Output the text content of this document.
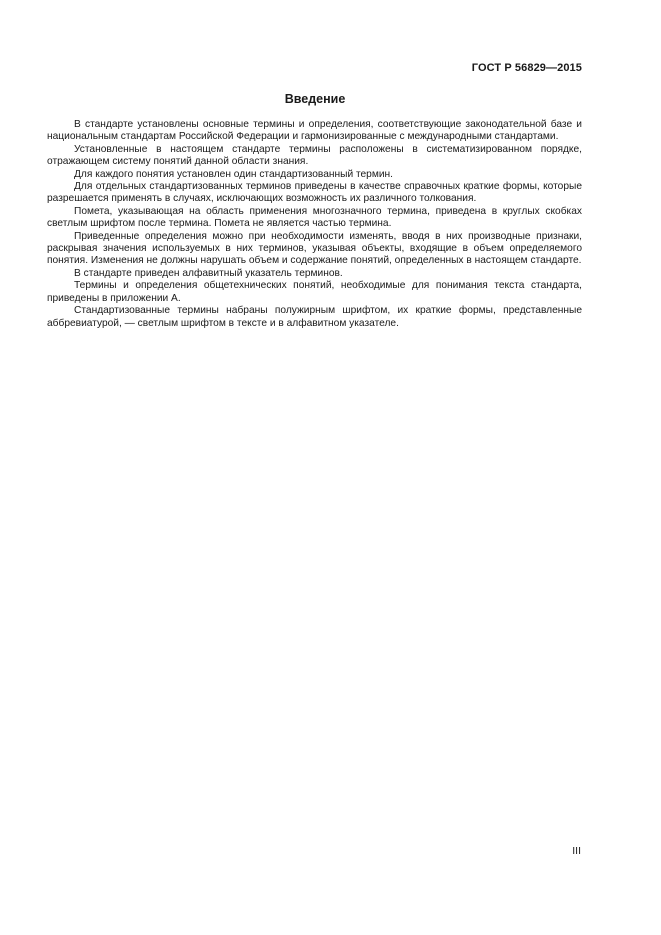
ГОСТ Р 56829—2015
Введение

В стандарте установлены основные термины и определения, соответствующие законодательной базе и национальным стандартам Российской Федерации и гармонизированные с международными стандартами.

Установленные в настоящем стандарте термины расположены в систематизированном порядке, отражающем систему понятий данной области знания.

Для каждого понятия установлен один стандартизованный термин.

Для отдельных стандартизованных терминов приведены в качестве справочных краткие формы, которые разрешается применять в случаях, исключающих возможность их различного толкования.

Помета, указывающая на область применения многозначного термина, приведена в круглых скобках светлым шрифтом после термина. Помета не является частью термина.

Приведенные определения можно при необходимости изменять, вводя в них производные признаки, раскрывая значения используемых в них терминов, указывая объекты, входящие в объем определяемого понятия. Изменения не должны нарушать объем и содержание понятий, определенных в настоящем стандарте.

В стандарте приведен алфавитный указатель терминов.

Термины и определения общетехнических понятий, необходимые для понимания текста стандарта, приведены в приложении А.

Стандартизованные термины набраны полужирным шрифтом, их краткие формы, представленные аббревиатурой, — светлым шрифтом в тексте и в алфавитном указателе.

III
